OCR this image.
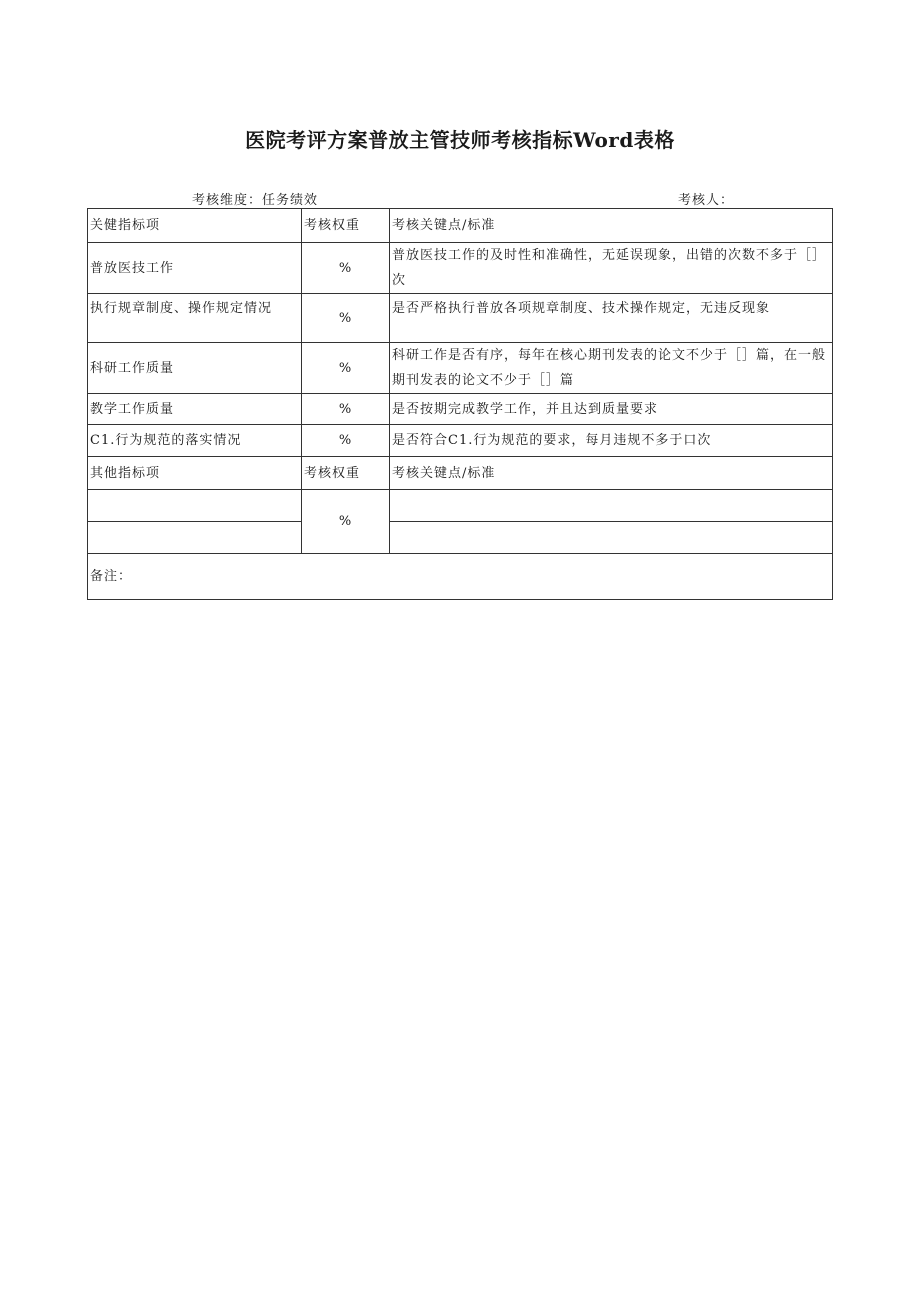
医院考评方案普放主管技师考核指标Word表格
考核维度：任务绩效	考核人：
关健指标项	考核权重	考核关键点/标准
普放医技工作	%	普放医技工作的及时性和准确性，无延误现象，出错的次数不多于［］次
执行规章制度、操作规定情况	%	是否严格执行普放各项规章制度、技术操作规定，无违反现象
科研工作质量	%	科研工作是否有序，每年在核心期刊发表的论文不少于［］篇，在一般期刊发表的论文不少于［］篇
教学工作质量	%	是否按期完成教学工作，并且达到质量要求
C1.行为规范的落实情况	%	是否符合C1.行为规范的要求，每月违规不多于口次
其他指标项	考核权重	考核关键点/标准
	%	

备注：		
